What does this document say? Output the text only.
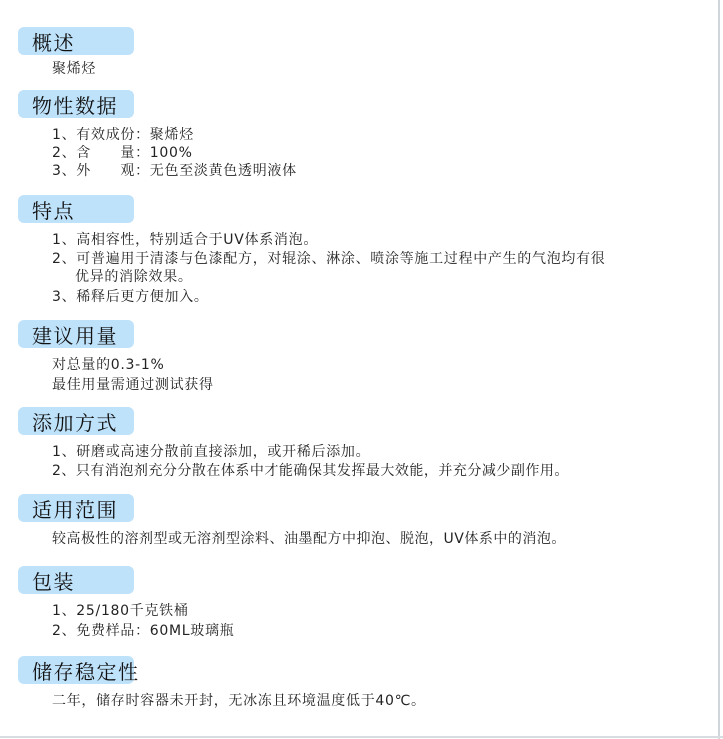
概述
聚烯烃
物性数据
1、有效成份：聚烯烃
2、含　　量：100%
3、外　　观：无色至淡黄色透明液体
特点
1、高相容性，特别适合于UV体系消泡。
2、可普遍用于清漆与色漆配方，对辊涂、淋涂、喷涂等施工过程中产生的气泡均有很
优异的消除效果。
3、稀释后更方便加入。
建议用量
对总量的0.3-1%
最佳用量需通过测试获得
添加方式
1、研磨或高速分散前直接添加，或开稀后添加。
2、只有消泡剂充分分散在体系中才能确保其发挥最大效能，并充分减少副作用。
适用范围
较高极性的溶剂型或无溶剂型涂料、油墨配方中抑泡、脱泡，UV体系中的消泡。
包装
1、25/180千克铁桶
2、免费样品：60ML玻璃瓶
储存稳定性
二年，储存时容器未开封，无冰冻且环境温度低于40℃。
